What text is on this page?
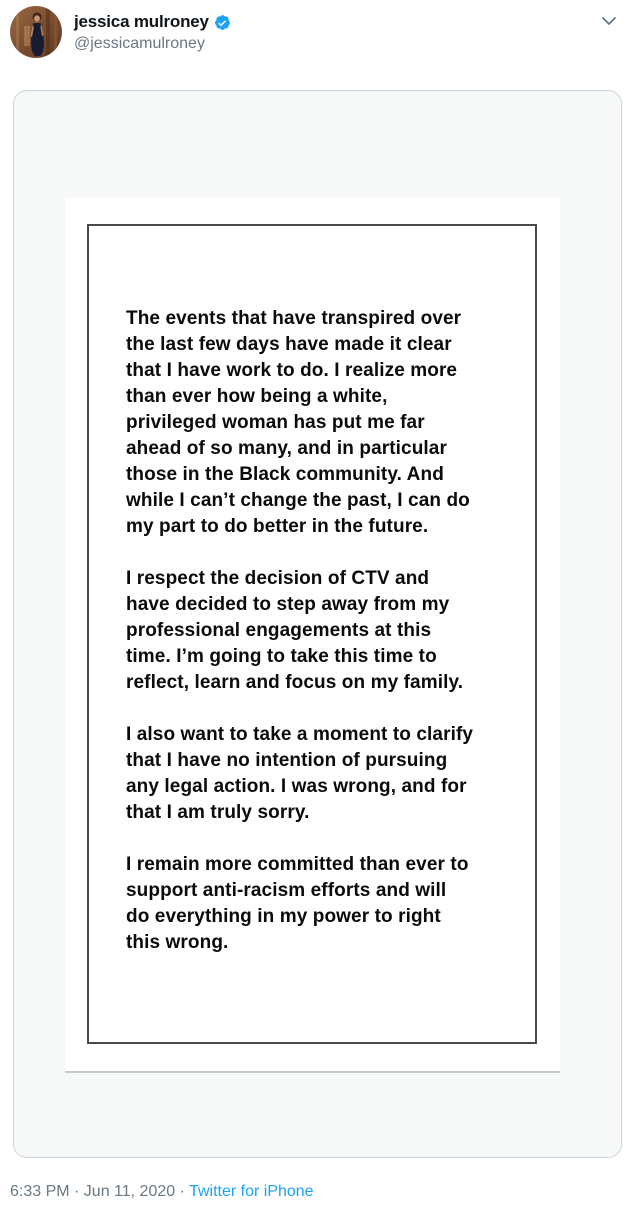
jessica mulroney
@jessicamulroney
The events that have transpired over
the last few days have made it clear
that I have work to do. I realize more
than ever how being a white,
privileged woman has put me far
ahead of so many, and in particular
those in the Black community. And
while I can’t change the past, I can do
my part to do better in the future.
I respect the decision of CTV and
have decided to step away from my
professional engagements at this
time. I’m going to take this time to
reflect, learn and focus on my family.
I also want to take a moment to clarify
that I have no intention of pursuing
any legal action. I was wrong, and for
that I am truly sorry.
I remain more committed than ever to
support anti-racism efforts and will
do everything in my power to right
this wrong.
6:33 PM · Jun 11, 2020 · Twitter for iPhone
